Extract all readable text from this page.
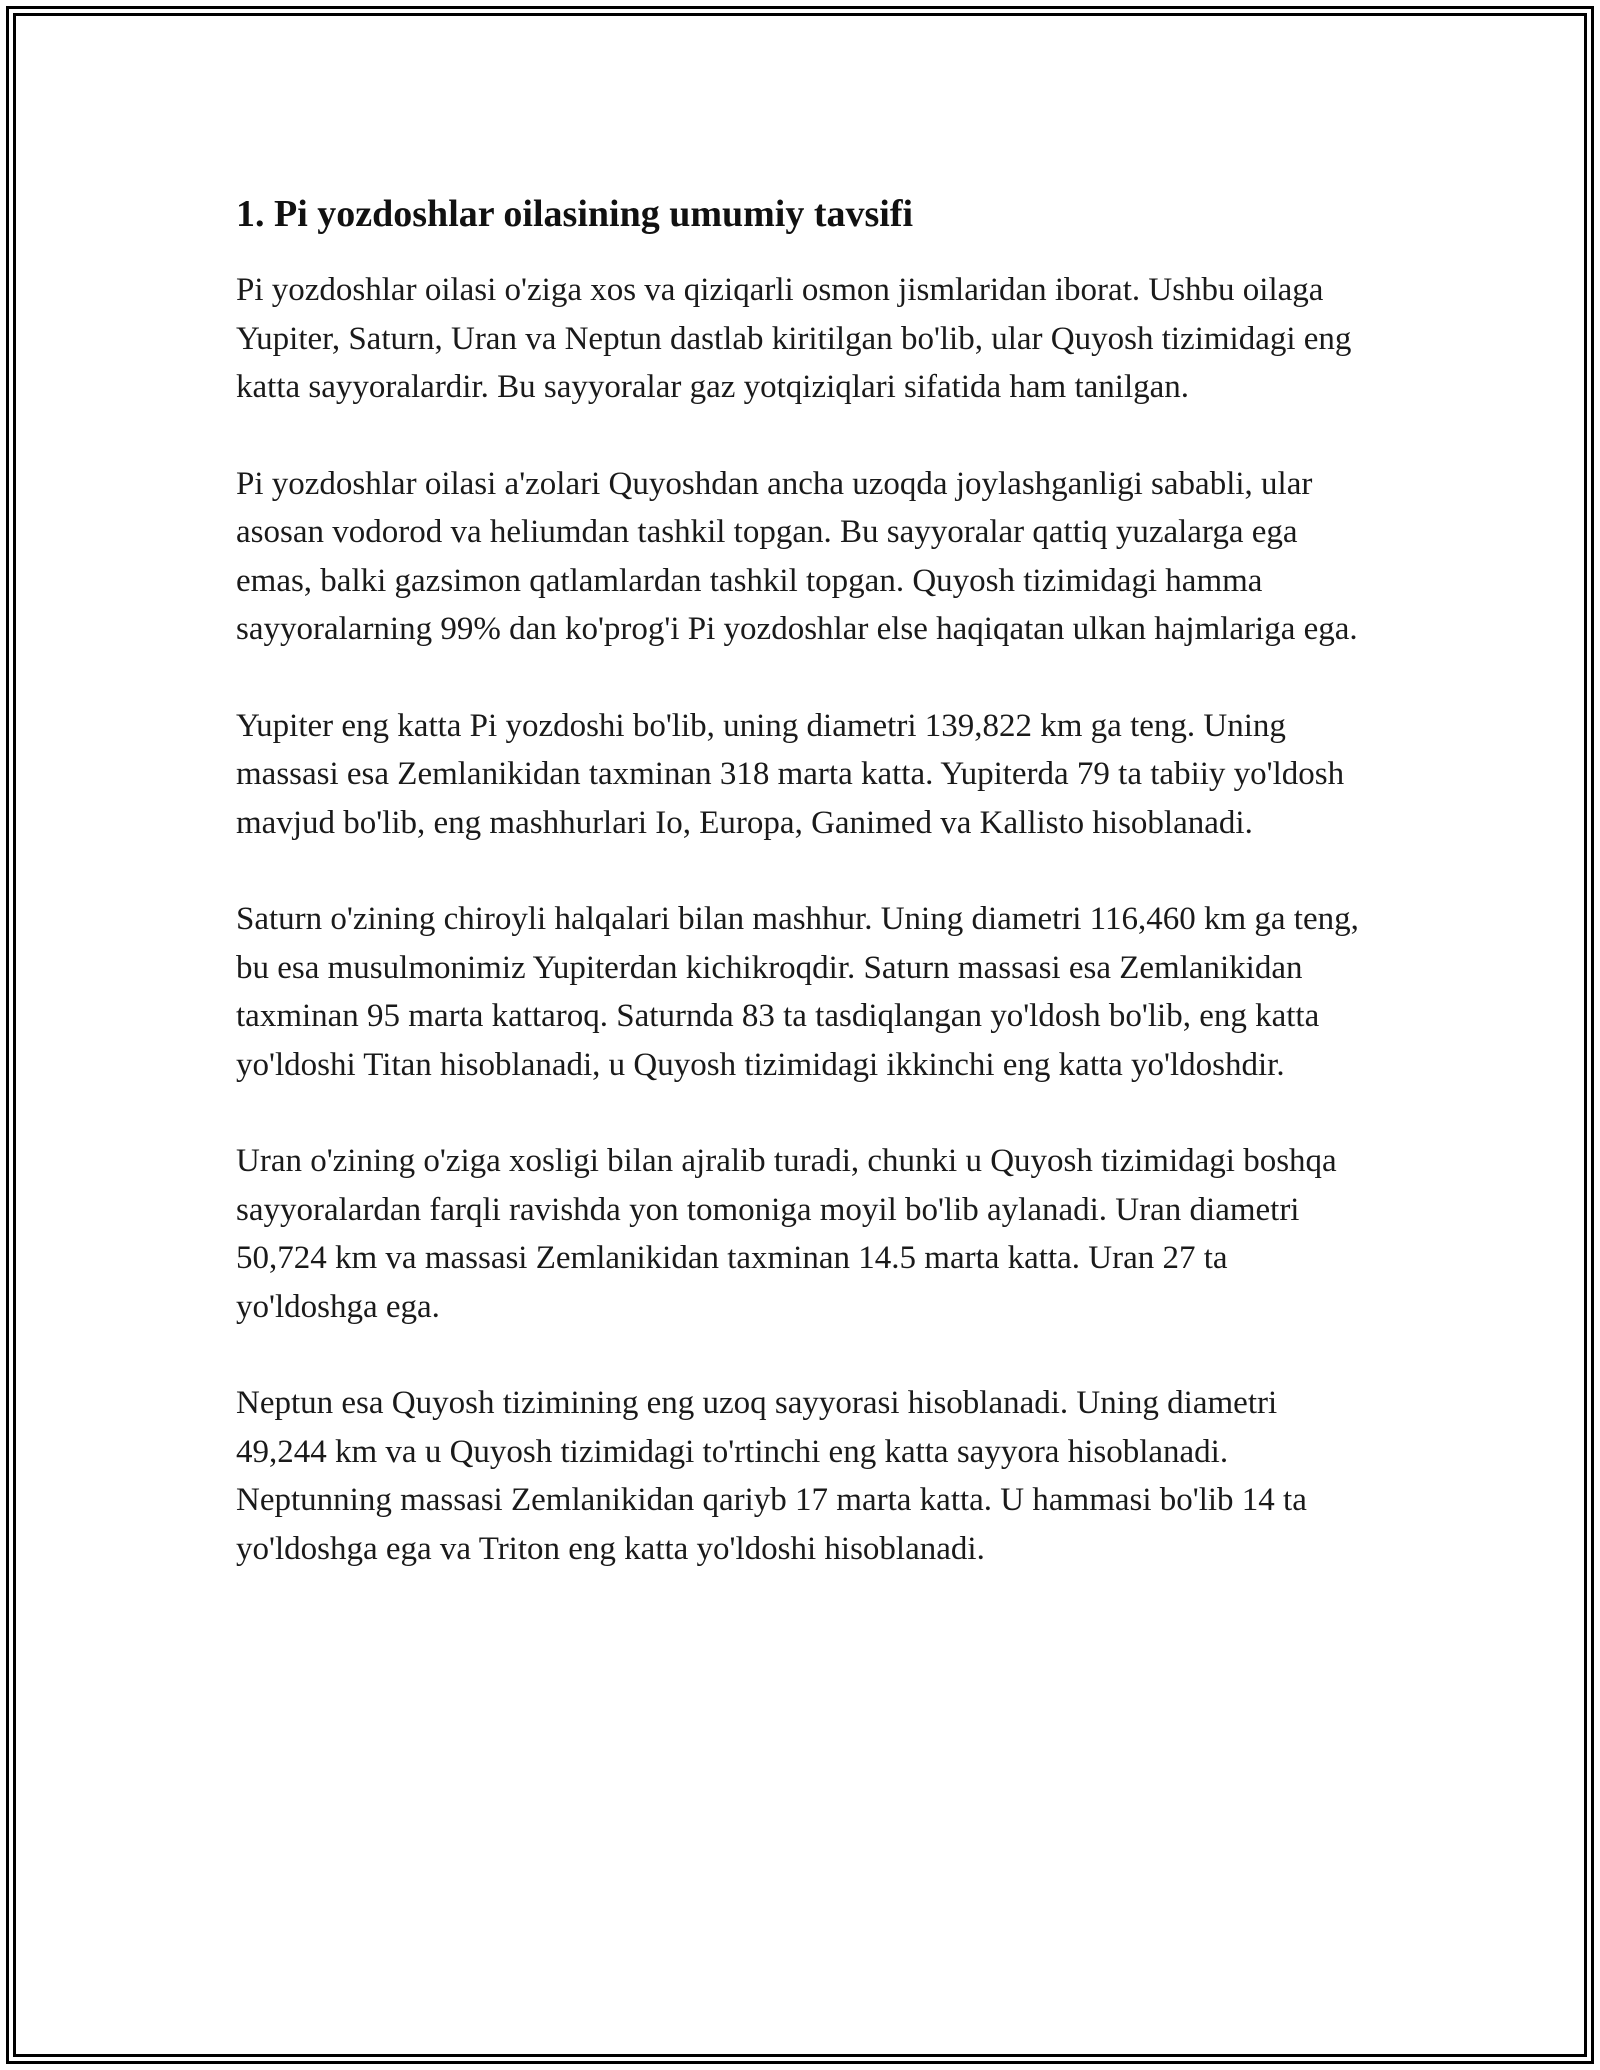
1. Pi yozdoshlar oilasining umumiy tavsifi

Pi yozdoshlar oilasi o'ziga xos va qiziqarli osmon jismlaridan iborat. Ushbu oilaga Yupiter, Saturn, Uran va Neptun dastlab kiritilgan bo'lib, ular Quyosh tizimidagi eng katta sayyoralardir. Bu sayyoralar gaz yotqiziqlari sifatida ham tanilgan.

Pi yozdoshlar oilasi a'zolari Quyoshdan ancha uzoqda joylashganligi sababli, ular asosan vodorod va heliumdan tashkil topgan. Bu sayyoralar qattiq yuzalarga ega emas, balki gazsimon qatlamlardan tashkil topgan. Quyosh tizimidagi hamma sayyoralarning 99% dan ko'prog'i Pi yozdoshlar else haqiqatan ulkan hajmlariga ega.

Yupiter eng katta Pi yozdoshi bo'lib, uning diametri 139,822 km ga teng. Uning massasi esa Zemlanikidan taxminan 318 marta katta. Yupiterda 79 ta tabiiy yo'ldosh mavjud bo'lib, eng mashhurlari Io, Europa, Ganimed va Kallisto hisoblanadi.

Saturn o'zining chiroyli halqalari bilan mashhur. Uning diametri 116,460 km ga teng, bu esa musulmonimiz Yupiterdan kichikroqdir. Saturn massasi esa Zemlanikidan taxminan 95 marta kattaroq. Saturnda 83 ta tasdiqlangan yo'ldosh bo'lib, eng katta yo'ldoshi Titan hisoblanadi, u Quyosh tizimidagi ikkinchi eng katta yo'ldoshdir.

Uran o'zining o'ziga xosligi bilan ajralib turadi, chunki u Quyosh tizimidagi boshqa sayyoralardan farqli ravishda yon tomoniga moyil bo'lib aylanadi. Uran diametri 50,724 km va massasi Zemlanikidan taxminan 14.5 marta katta. Uran 27 ta yo'ldoshga ega.

Neptun esa Quyosh tizimining eng uzoq sayyorasi hisoblanadi. Uning diametri 49,244 km va u Quyosh tizimidagi to'rtinchi eng katta sayyora hisoblanadi. Neptunning massasi Zemlanikidan qariyb 17 marta katta. U hammasi bo'lib 14 ta yo'ldoshga ega va Triton eng katta yo'ldoshi hisoblanadi.
